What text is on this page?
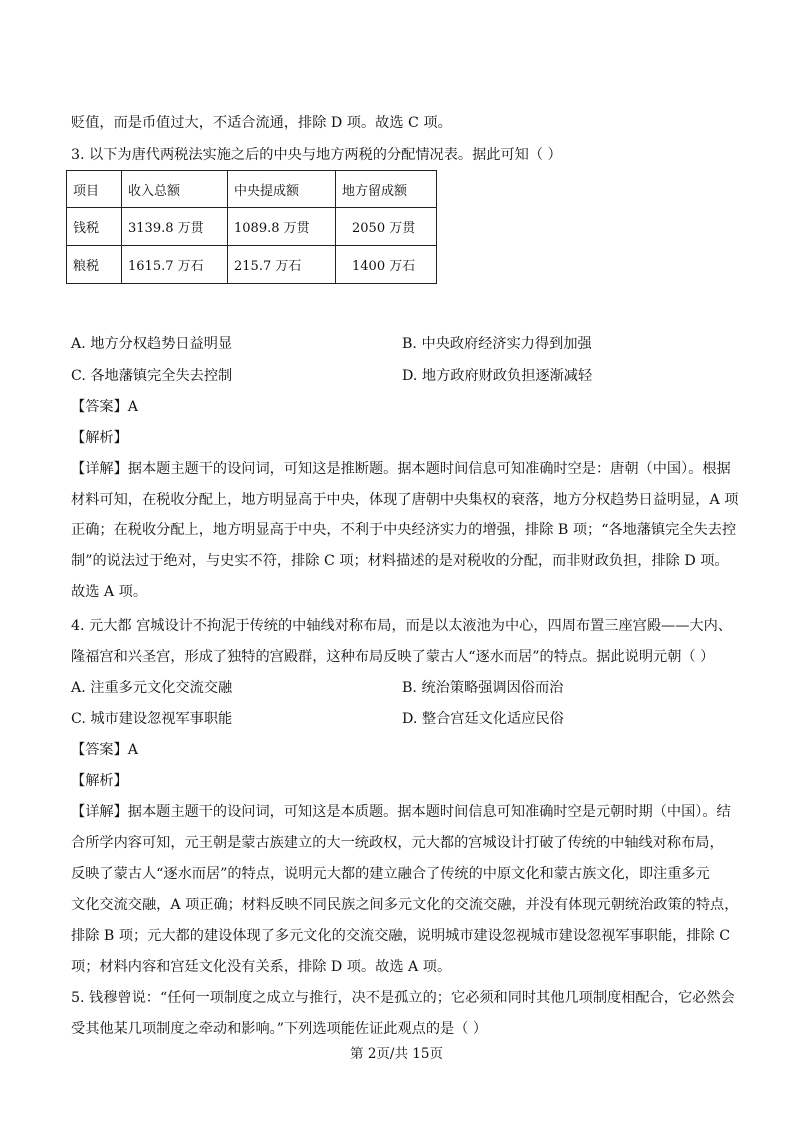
贬值，而是币值过大，不适合流通，排除 D 项。故选 C 项。
3. 以下为唐代两税法实施之后的中央与地方两税的分配情况表。据此可知（ ）
项目	收入总额	中央提成额	地方留成额
钱税	3139.8 万贯	1089.8 万贯	2050 万贯
粮税	1615.7 万石	215.7 万石	1400 万石
A. 地方分权趋势日益明显	B. 中央政府经济实力得到加强
C. 各地藩镇完全失去控制	D. 地方政府财政负担逐渐减轻
【答案】A
【解析】
【详解】据本题主题干的设问词，可知这是推断题。据本题时间信息可知准确时空是：唐朝（中国）。根据
材料可知，在税收分配上，地方明显高于中央，体现了唐朝中央集权的衰落，地方分权趋势日益明显，A 项
正确；在税收分配上，地方明显高于中央，不利于中央经济实力的增强，排除 B 项；“各地藩镇完全失去控
制”的说法过于绝对，与史实不符，排除 C 项；材料描述的是对税收的分配，而非财政负担，排除 D 项。
故选 A 项。
4. 元大都 宫城设计不拘泥于传统的中轴线对称布局，而是以太液池为中心，四周布置三座宫殿——大内、
隆福宫和兴圣宫，形成了独特的宫殿群，这种布局反映了蒙古人“逐水而居”的特点。据此说明元朝（ ）
A. 注重多元文化交流交融	B. 统治策略强调因俗而治
C. 城市建设忽视军事职能	D. 整合宫廷文化适应民俗
【答案】A
【解析】
【详解】据本题主题干的设问词，可知这是本质题。据本题时间信息可知准确时空是元朝时期（中国）。结
合所学内容可知，元王朝是蒙古族建立的大一统政权，元大都的宫城设计打破了传统的中轴线对称布局，
反映了蒙古人“逐水而居”的特点，说明元大都的建立融合了传统的中原文化和蒙古族文化，即注重多元
文化交流交融，A 项正确；材料反映不同民族之间多元文化的交流交融，并没有体现元朝统治政策的特点，
排除 B 项；元大都的建设体现了多元文化的交流交融，说明城市建设忽视城市建设忽视军事职能，排除 C
项；材料内容和宫廷文化没有关系，排除 D 项。故选 A 项。
5. 钱穆曾说：“任何一项制度之成立与推行，决不是孤立的；它必须和同时其他几项制度相配合，它必然会
受其他某几项制度之牵动和影响。”下列选项能佐证此观点的是（ ）
第 2页/共 15页
